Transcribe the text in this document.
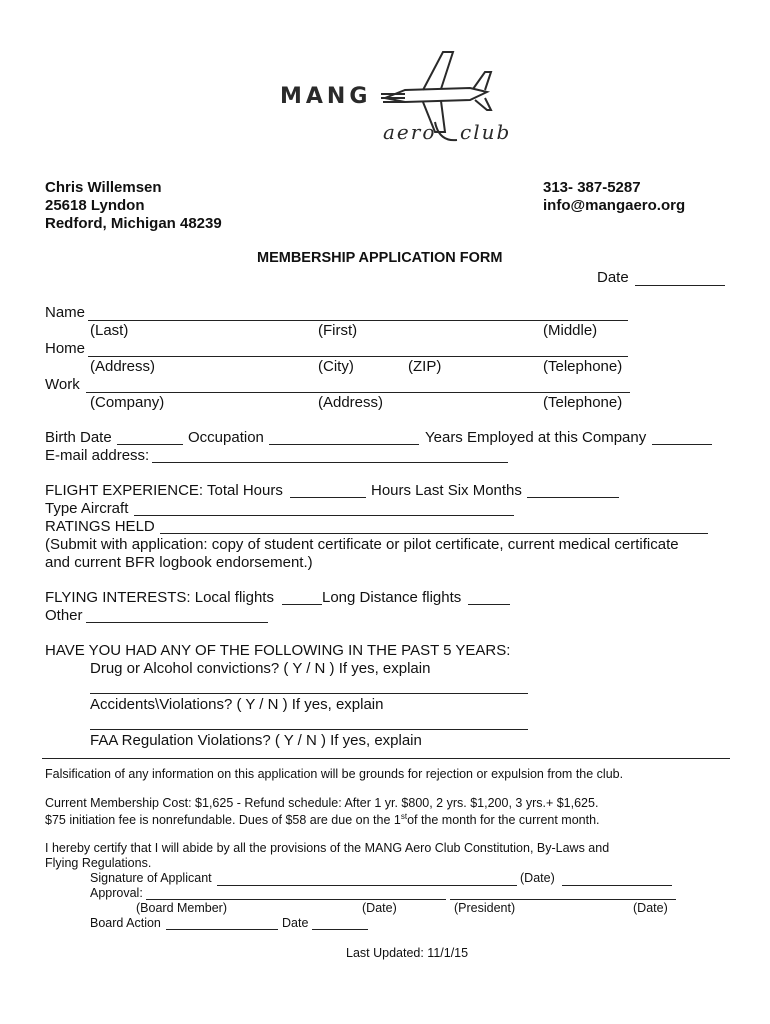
MANG
aero club
Chris Willemsen
25618 Lyndon
Redford, Michigan 48239
313- 387-5287
info@mangaero.org
MEMBERSHIP APPLICATION FORM
Date
Name
(Last)	(First)	(Middle)
Home
(Address)	(City)	(ZIP)	(Telephone)
Work
(Company)	(Address)	(Telephone)
Birth Date	Occupation	Years Employed at this Company
E-mail address:
FLIGHT EXPERIENCE: Total Hours	Hours Last Six Months
Type Aircraft
RATINGS HELD
(Submit with application: copy of student certificate or pilot certificate, current medical certificate
and current BFR logbook endorsement.)
FLYING INTERESTS: Local flights	Long Distance flights
Other
HAVE YOU HAD ANY OF THE FOLLOWING IN THE PAST 5 YEARS:
Drug or Alcohol convictions? ( Y / N ) If yes, explain
Accidents\Violations? ( Y / N ) If yes, explain
FAA Regulation Violations? ( Y / N ) If yes, explain
Falsification of any information on this application will be grounds for rejection or expulsion from the club.
Current Membership Cost: $1,625 - Refund schedule: After 1 yr. $800, 2 yrs. $1,200, 3 yrs.+ $1,625.
$75 initiation fee is nonrefundable. Dues of $58 are due on the 1stof the month for the current month.
I hereby certify that I will abide by all the provisions of the MANG Aero Club Constitution, By-Laws and
Flying Regulations.
Signature of Applicant	(Date)
Approval:
(Board Member)	(Date)	(President)	(Date)
Board Action	Date
Last Updated: 11/1/15
